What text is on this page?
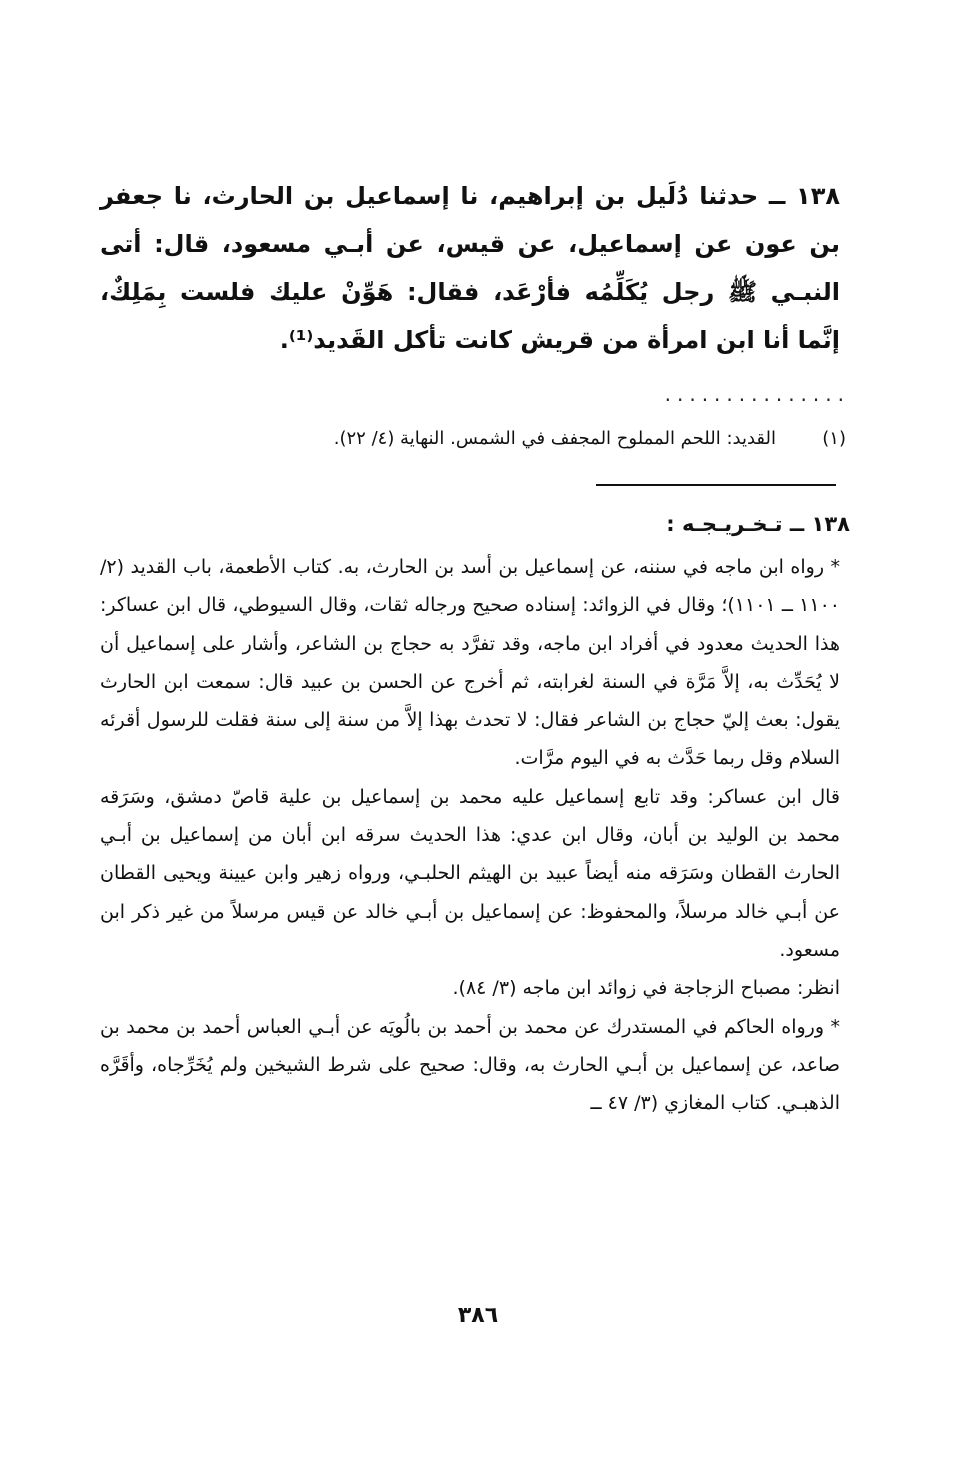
١٣٨ ــ حدثنا دُلَيل بن إبراهيم، نا إسماعيل بن الحارث، نا جعفر بن عون عن إسماعيل، عن قيس، عن أبـي مسعود، قال: أتى النبـي ﷺ رجل يُكَلِّمُه فأرْعَد، فقال: هَوِّنْ عليك فلست بِمَلِكٌ، إنَّما أنا ابن امرأة من قريش كانت تأكل القَديد⁽¹⁾.
...............
(١)القديد: اللحم المملوح المجفف في الشمس. النهاية (٤/ ٢٢).
١٣٨ ــ تـخـريـجـه :

* رواه ابن ماجه في سننه، عن إسماعيل بن أسد بن الحارث، به. كتاب الأطعمة، باب القديد (٢/ ١١٠٠ ــ ١١٠١)؛ وقال في الزوائد: إسناده صحيح ورجاله ثقات، وقال السيوطي، قال ابن عساكر: هذا الحديث معدود في أفراد ابن ماجه، وقد تفرَّد به حجاج بن الشاعر، وأشار على إسماعيل أن لا يُحَدِّث به، إلاَّ مَرَّة في السنة لغرابته، ثم أخرج عن الحسن بن عبيد قال: سمعت ابن الحارث يقول: بعث إليّ حجاج بن الشاعر فقال: لا تحدث بهذا إلاَّ من سنة إلى سنة فقلت للرسول أقرئه السلام وقل ربما حَدَّث به في اليوم مرَّات.

قال ابن عساكر: وقد تابع إسماعيل عليه محمد بن إسماعيل بن علية قاصّ دمشق، وسَرَقه محمد بن الوليد بن أبان، وقال ابن عدي: هذا الحديث سرقه ابن أبان من إسماعيل بن أبـي الحارث القطان وسَرَقه منه أيضاً عبيد بن الهيثم الحلبـي، ورواه زهير وابن عيينة ويحيى القطان عن أبـي خالد مرسلاً، والمحفوظ: عن إسماعيل بن أبـي خالد عن قيس مرسلاً من غير ذكر ابن مسعود.

انظر: مصباح الزجاجة في زوائد ابن ماجه (٣/ ٨٤).

* ورواه الحاكم في المستدرك عن محمد بن أحمد بن بالُويَه عن أبـي العباس أحمد بن محمد بن صاعد، عن إسماعيل بن أبـي الحارث به، وقال: صحيح على شرط الشيخين ولم يُخَرِّجاه، وأقَرَّه الذهبـي. كتاب المغازي (٣/ ٤٧ ــ

٣٨٦
